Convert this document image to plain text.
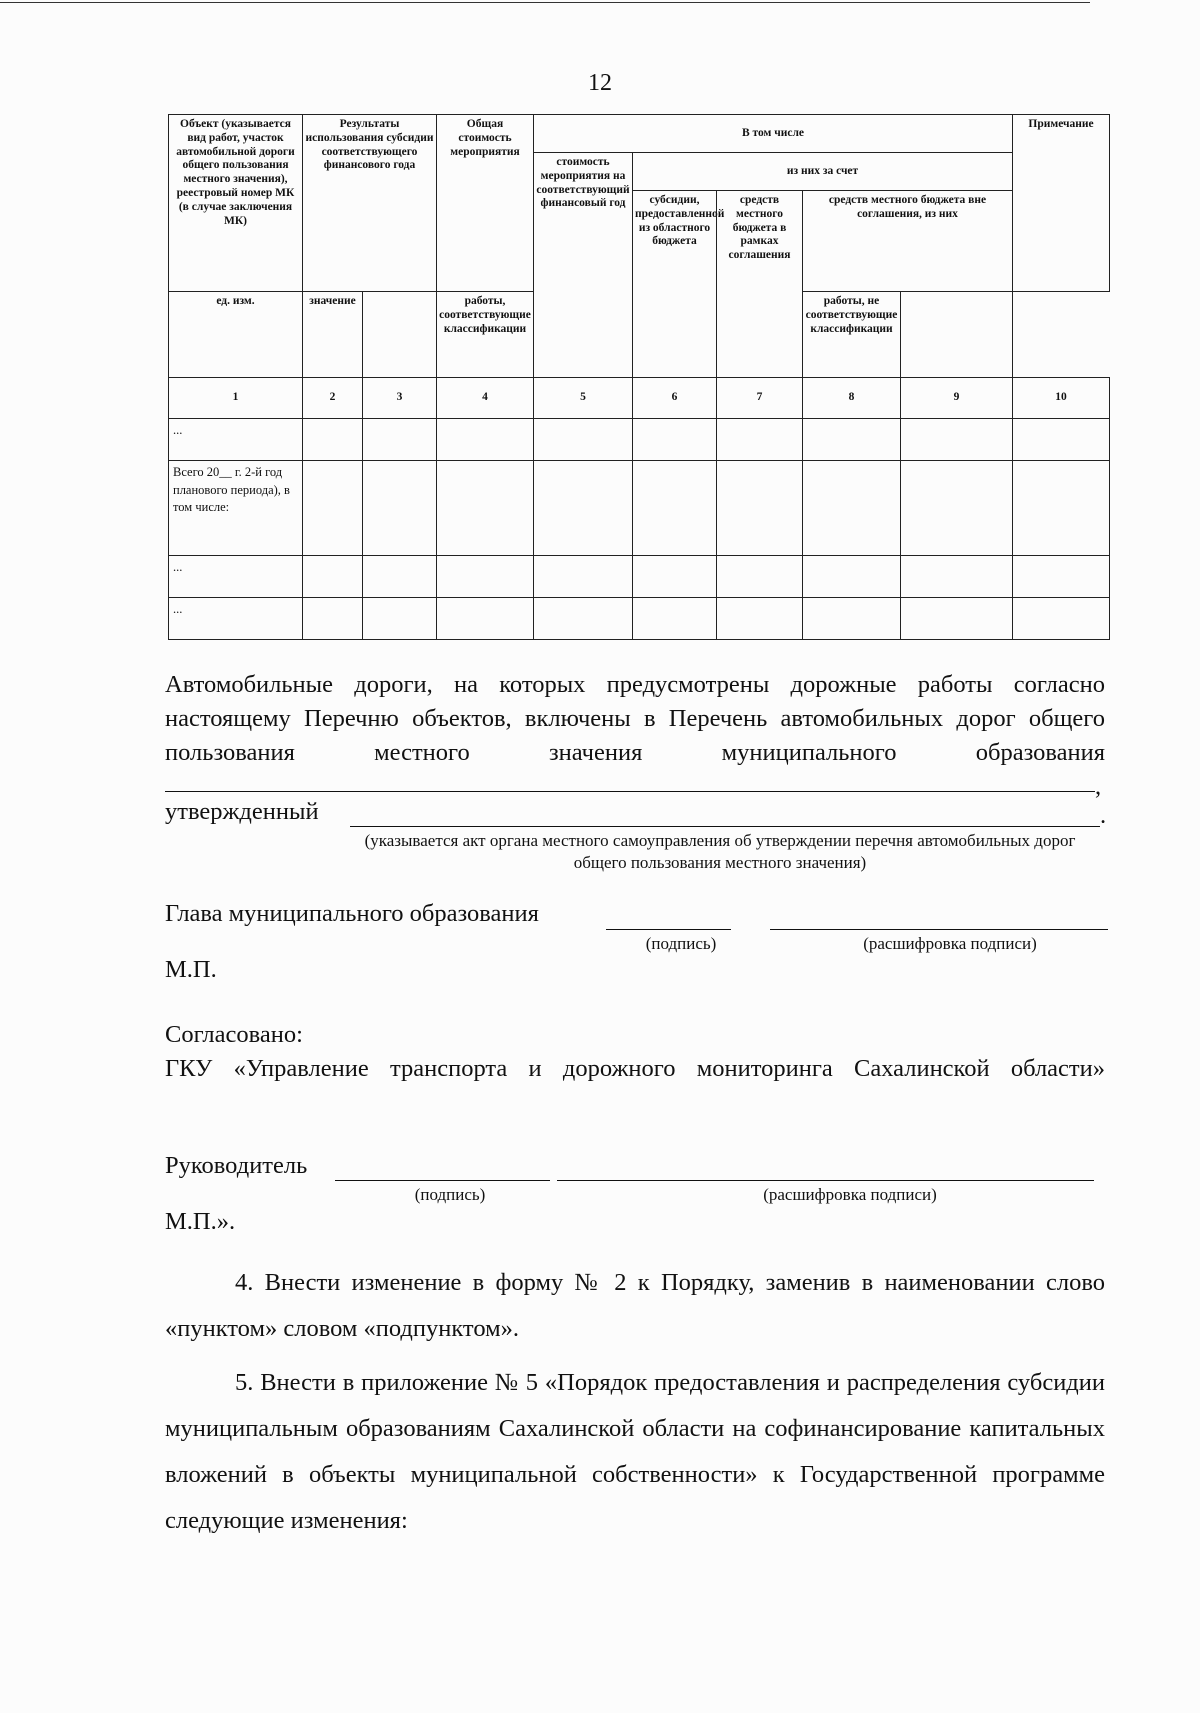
12
Объект (указывается вид работ, участок автомобильной дороги общего пользования местного значения), реестровый номер МК (в случае заключения МК)	Результаты использования субсидии соответствующего финансового года		Общая стоимость мероприятия	В том числе					Примечание
				стоимость мероприятия на соответствующий финансовый год	из них за счет				
					субсидии, предоставленной из областного бюджета	средств местного бюджета в рамках соглашения	средств местного бюджета вне соглашения, из них		
ед. изм.	значение		работы, соответствующие классификации				работы, не соответствующие классификации		
1	2	3	4	5	6	7	8	9	10
...									
Всего 20__ г. 2-й год планового периода), в том числе:									
...									
...									
Автомобильные дороги, на которых предусмотрены дорожные работы согласно настоящему Перечню объектов, включены в Перечень автомобильных дорог общего пользования местного значения муниципального образования
,
утвержденный	.
(указывается акт органа местного самоуправления об утверждении перечня автомобильных дорог общего пользования местного значения)
Глава муниципального образования
(подпись)	(расшифровка подписи)
М.П.
Согласовано:
ГКУ «Управление транспорта и дорожного мониторинга Сахалинской области»
Руководитель
(подпись)	(расшифровка подписи)
М.П.».
4. Внести изменение в форму № 2 к Порядку, заменив в наименовании слово «пунктом» словом «подпунктом».
5. Внести в приложение № 5 «Порядок предоставления и распределения субсидии муниципальным образованиям Сахалинской области на софинансирование капитальных вложений в объекты муниципальной собственности» к Государственной программе следующие изменения:
